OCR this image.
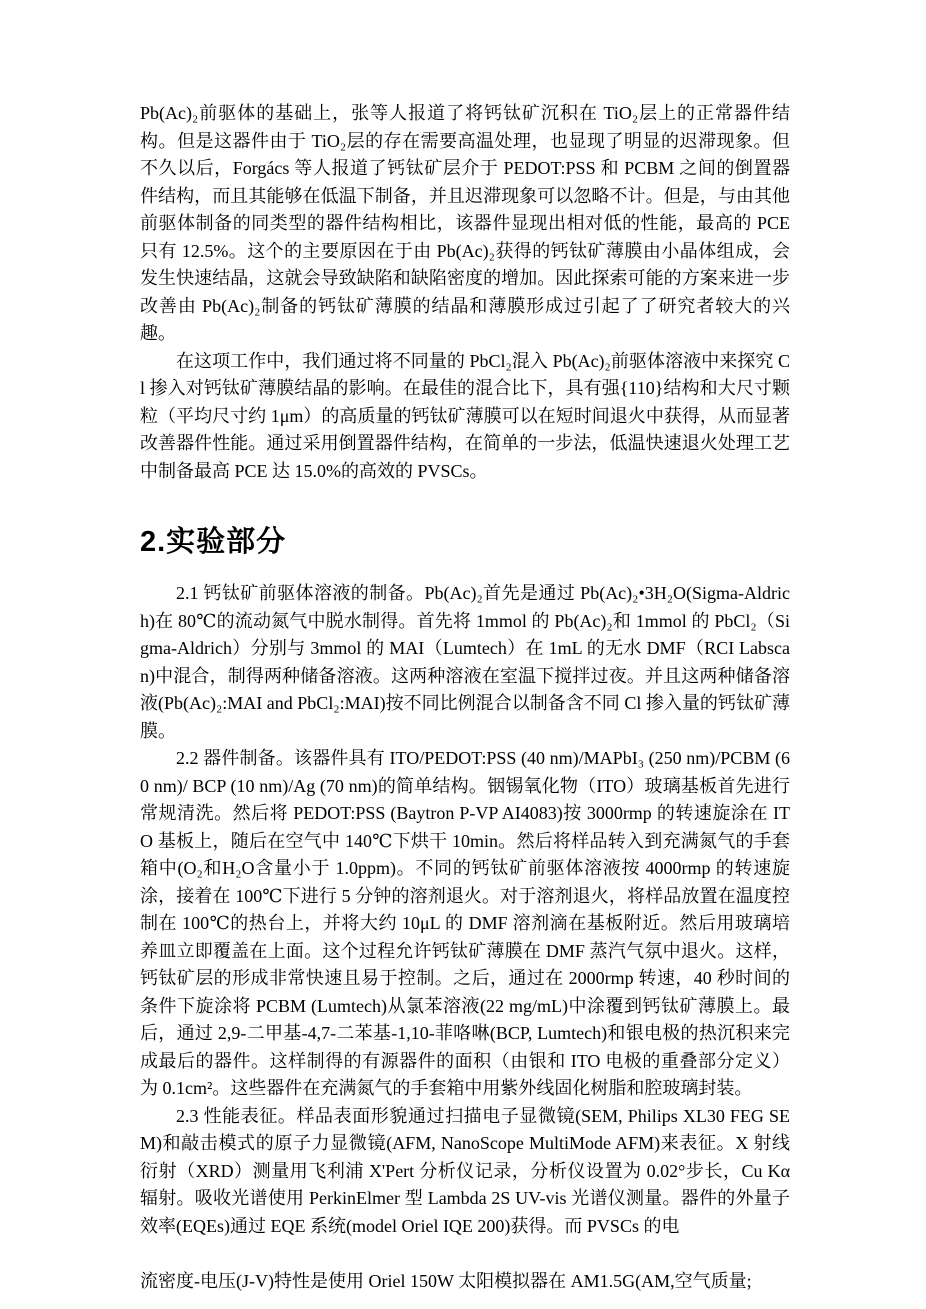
Pb(Ac)₂前驱体的基础上，张等人报道了将钙钛矿沉积在 TiO₂层上的正常器件结构。但是这器件由于 TiO₂层的存在需要高温处理，也显现了明显的迟滞现象。但不久以后，Forgács 等人报道了钙钛矿层介于 PEDOT:PSS 和 PCBM 之间的倒置器件结构，而且其能够在低温下制备，并且迟滞现象可以忽略不计。但是，与由其他前驱体制备的同类型的器件结构相比，该器件显现出相对低的性能，最高的 PCE 只有 12.5%。这个的主要原因在于由 Pb(Ac)₂获得的钙钛矿薄膜由小晶体组成，会发生快速结晶，这就会导致缺陷和缺陷密度的增加。因此探索可能的方案来进一步改善由 Pb(Ac)₂制备的钙钛矿薄膜的结晶和薄膜形成过引起了了研究者较大的兴趣。

在这项工作中，我们通过将不同量的 PbCl₂混入 Pb(Ac)₂前驱体溶液中来探究 Cl 掺入对钙钛矿薄膜结晶的影响。在最佳的混合比下，具有强{110}结构和大尺寸颗粒（平均尺寸约 1μm）的高质量的钙钛矿薄膜可以在短时间退火中获得，从而显著改善器件性能。通过采用倒置器件结构，在简单的一步法，低温快速退火处理工艺中制备最高 PCE 达 15.0%的高效的 PVSCs。

2.实验部分

2.1 钙钛矿前驱体溶液的制备。Pb(Ac)₂首先是通过 Pb(Ac)₂•3H₂O(Sigma-Aldrich)在 80℃的流动氮气中脱水制得。首先将 1mmol 的 Pb(Ac)₂和 1mmol 的 PbCl₂（Sigma-Aldrich）分别与 3mmol 的 MAI（Lumtech）在 1mL 的无水 DMF（RCI Labscan)中混合，制得两种储备溶液。这两种溶液在室温下搅拌过夜。并且这两种储备溶液(Pb(Ac)₂:MAI and PbCl₂:MAI)按不同比例混合以制备含不同 Cl 掺入量的钙钛矿薄膜。

2.2 器件制备。该器件具有 ITO/PEDOT:PSS (40 nm)/MAPbI₃ (250 nm)/PCBM (60 nm)/ BCP (10 nm)/Ag (70 nm)的简单结构。铟锡氧化物（ITO）玻璃基板首先进行常规清洗。然后将 PEDOT:PSS (Baytron P-VP AI4083)按 3000rmp 的转速旋涂在 ITO 基板上，随后在空气中 140℃下烘干 10min。然后将样品转入到充满氮气的手套箱中(O₂和H₂O含量小于 1.0ppm)。不同的钙钛矿前驱体溶液按 4000rmp 的转速旋涂，接着在 100℃下进行 5 分钟的溶剂退火。对于溶剂退火，将样品放置在温度控制在 100℃的热台上，并将大约 10μL 的 DMF 溶剂滴在基板附近。然后用玻璃培养皿立即覆盖在上面。这个过程允许钙钛矿薄膜在 DMF 蒸汽气氛中退火。这样，钙钛矿层的形成非常快速且易于控制。之后，通过在 2000rmp 转速，40 秒时间的条件下旋涂将 PCBM (Lumtech)从氯苯溶液(22 mg/mL)中涂覆到钙钛矿薄膜上。最后，通过 2,9-二甲基-4,7-二苯基-1,10-菲咯啉(BCP, Lumtech)和银电极的热沉积来完成最后的器件。这样制得的有源器件的面积（由银和 ITO 电极的重叠部分定义）为 0.1cm²。这些器件在充满氮气的手套箱中用紫外线固化树脂和腔玻璃封装。

2.3 性能表征。样品表面形貌通过扫描电子显微镜(SEM, Philips XL30 FEG SEM)和敲击模式的原子力显微镜(AFM, NanoScope MultiMode AFM)来表征。X 射线衍射（XRD）测量用飞利浦 X'Pert 分析仪记录，分析仪设置为 0.02°步长，Cu Kα 辐射。吸收光谱使用 PerkinElmer 型 Lambda 2S UV-vis 光谱仪测量。器件的外量子效率(EQEs)通过 EQE 系统(model Oriel IQE 200)获得。而 PVSCs 的电

流密度-电压(J-V)特性是使用 Oriel 150W 太阳模拟器在 AM1.5G(AM,空气质量;
